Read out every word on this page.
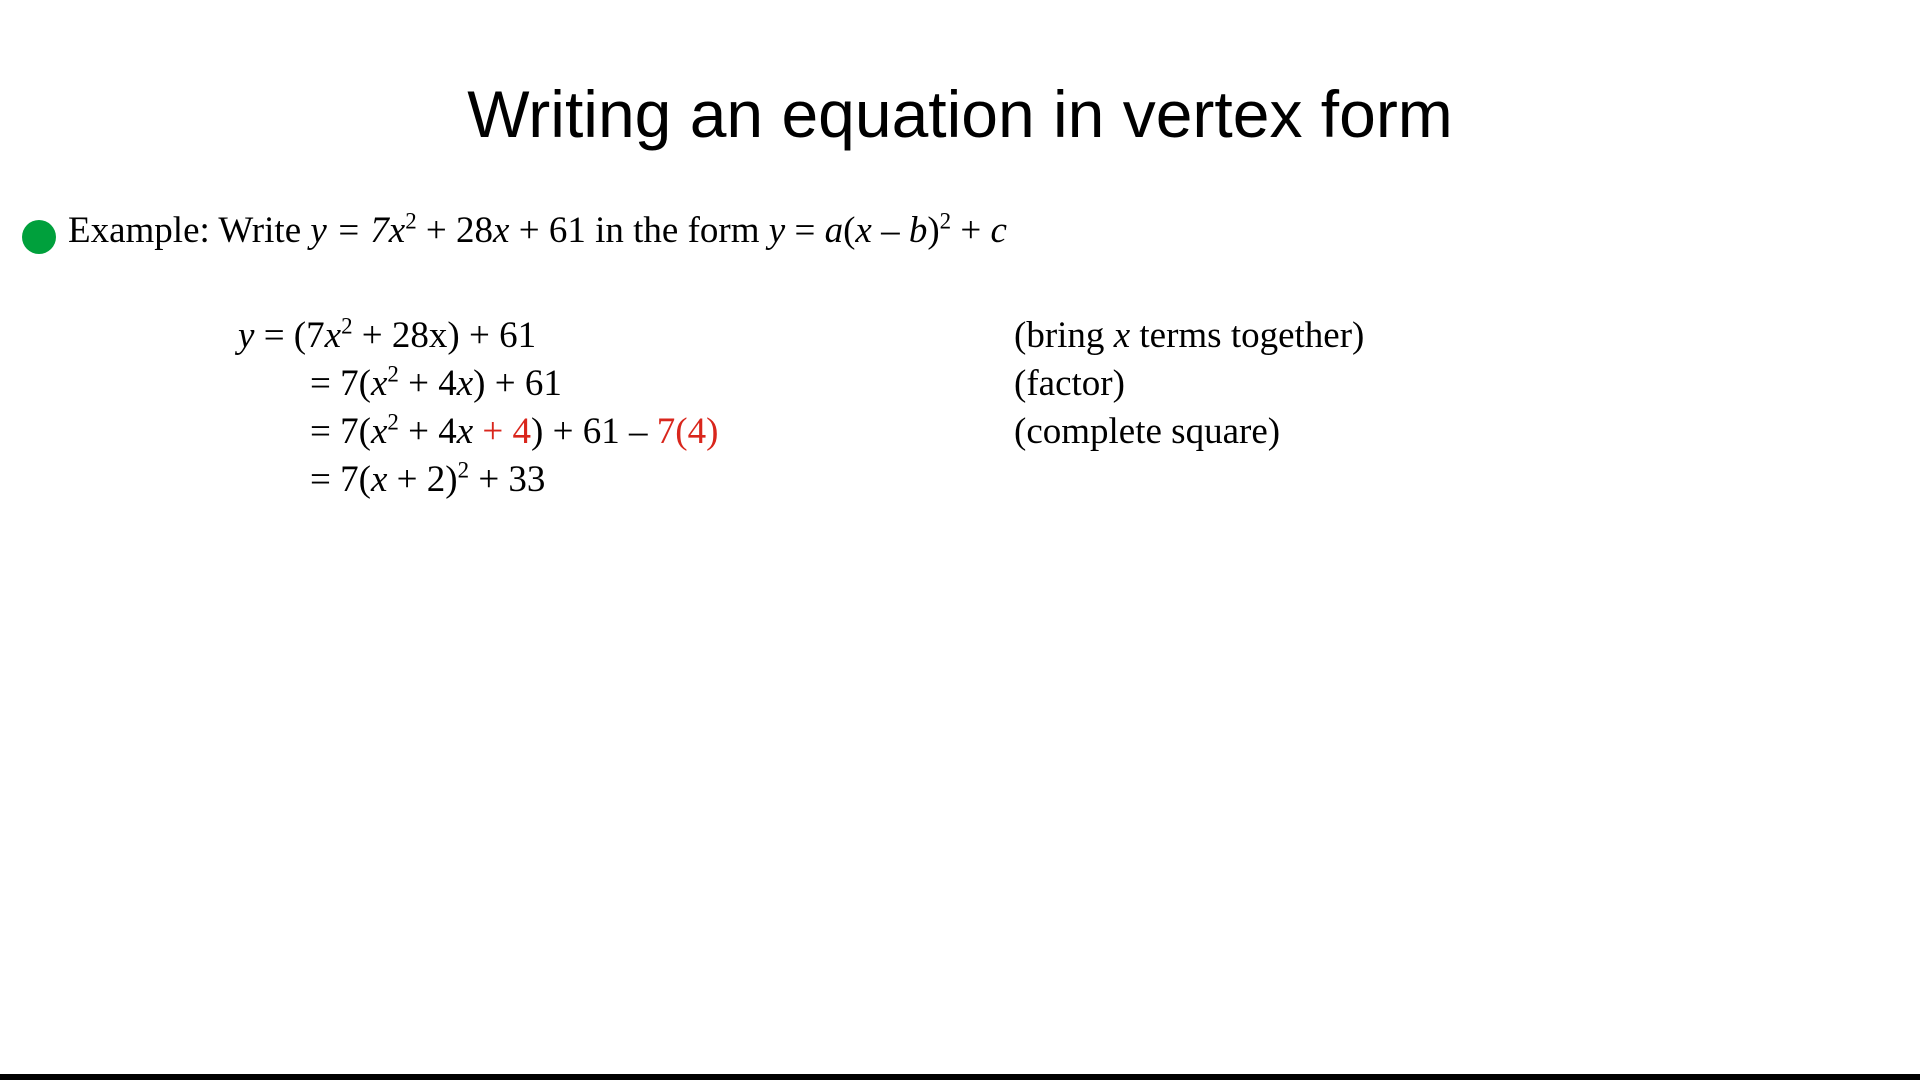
Writing an equation in vertex form
Example: Write $y = 7x^2 + 28x + 61$ in the form y = a(x – b)$^2$ + c
$y = (7x^2 + 28x) + 61$	(bring x terms together)
= $7(x^2 + 4x) + 61$	(factor)
= $7(x^2 + 4x + 4) + 61 - 7(4)$	(complete square)
= $7(x + 2)^2 + 33$
